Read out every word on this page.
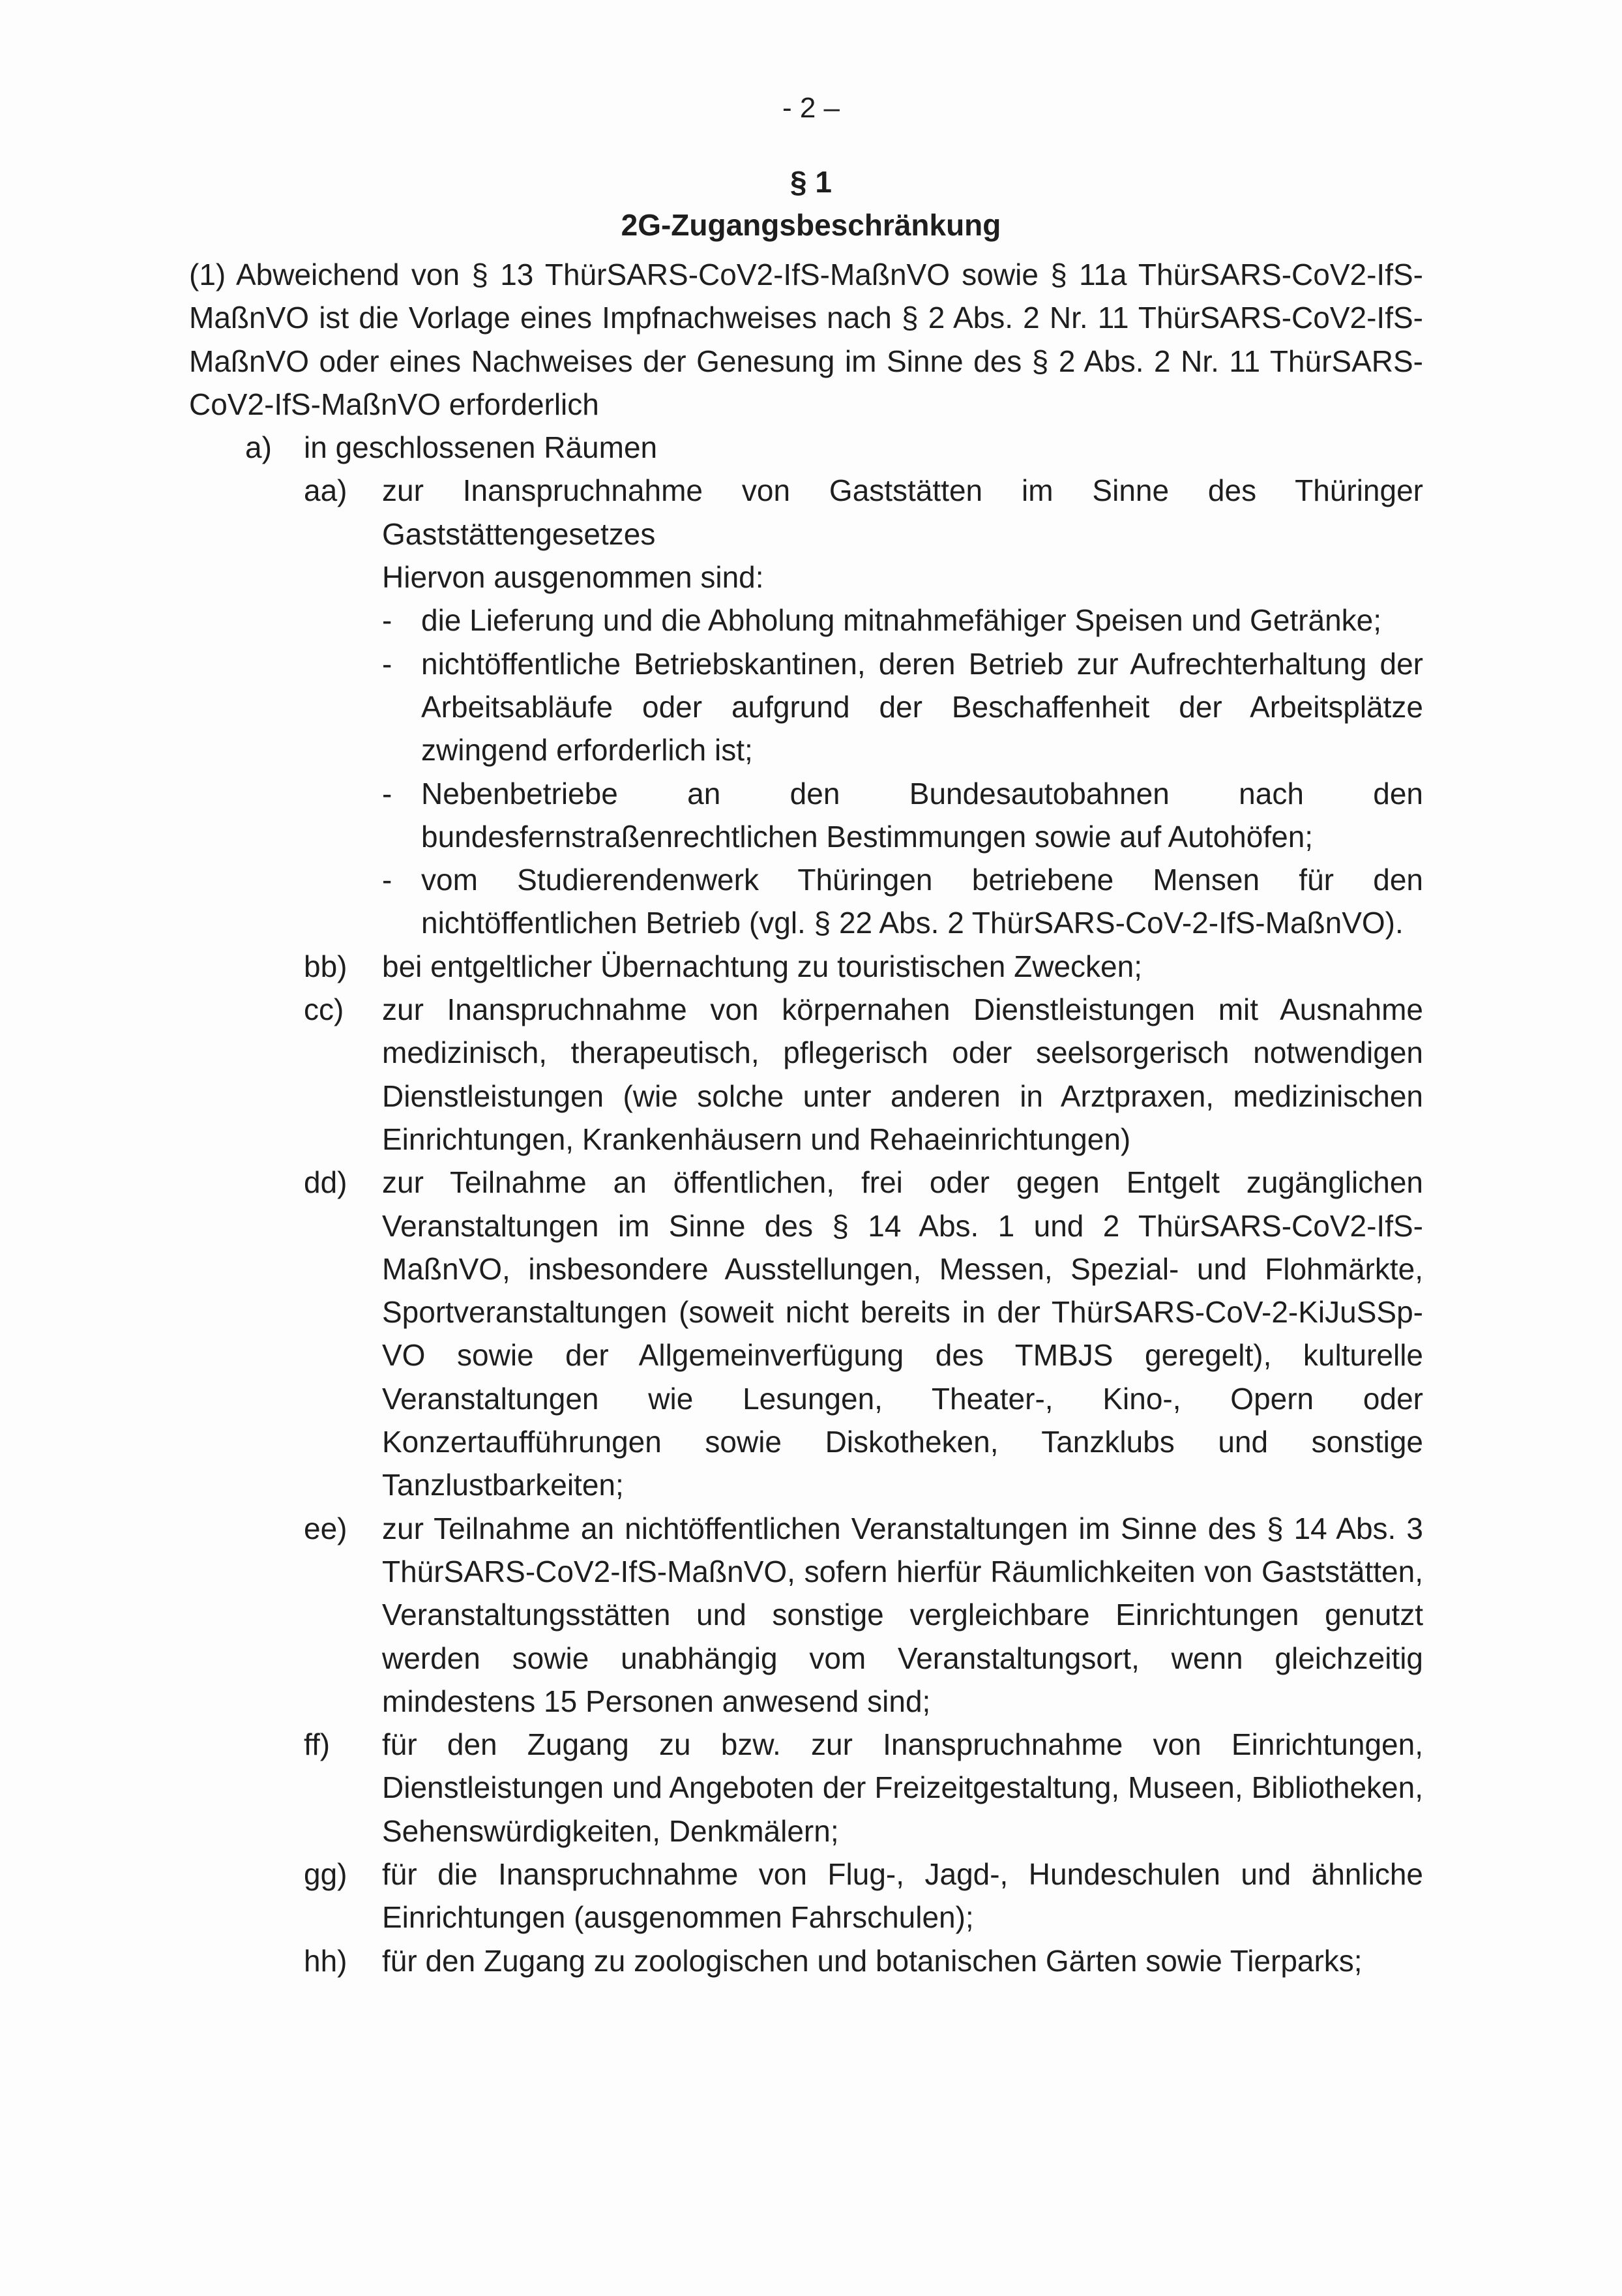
- 2 –
§ 1
2G-Zugangsbeschränkung

(1) Abweichend von § 13 ThürSARS-CoV2-IfS-MaßnVO sowie § 11a ThürSARS-CoV2-IfS-MaßnVO ist die Vorlage eines Impfnachweises nach § 2 Abs. 2 Nr. 11 ThürSARS-CoV2-IfS-MaßnVO oder eines Nachweises der Genesung im Sinne des § 2 Abs. 2 Nr. 11 ThürSARS-CoV2-IfS-MaßnVO erforderlich

a) in geschlossenen Räumen
aa) zur Inanspruchnahme von Gaststätten im Sinne des Thüringer Gaststättengesetzes
Hiervon ausgenommen sind:
- die Lieferung und die Abholung mitnahmefähiger Speisen und Getränke;
- nichtöffentliche Betriebskantinen, deren Betrieb zur Aufrechterhaltung der Arbeitsabläufe oder aufgrund der Beschaffenheit der Arbeitsplätze zwingend erforderlich ist;
- Nebenbetriebe an den Bundesautobahnen nach den bundesfernstraßenrechtlichen Bestimmungen sowie auf Autohöfen;
- vom Studierendenwerk Thüringen betriebene Mensen für den nichtöffentlichen Betrieb (vgl. § 22 Abs. 2 ThürSARS-CoV-2-IfS-MaßnVO).
bb) bei entgeltlicher Übernachtung zu touristischen Zwecken;
cc) zur Inanspruchnahme von körpernahen Dienstleistungen mit Ausnahme medizinisch, therapeutisch, pflegerisch oder seelsorgerisch notwendigen Dienstleistungen (wie solche unter anderen in Arztpraxen, medizinischen Einrichtungen, Krankenhäusern und Rehaeinrichtungen)
dd) zur Teilnahme an öffentlichen, frei oder gegen Entgelt zugänglichen Veranstaltungen im Sinne des § 14 Abs. 1 und 2 ThürSARS-CoV2-IfS-MaßnVO, insbesondere Ausstellungen, Messen, Spezial- und Flohmärkte, Sportveranstaltungen (soweit nicht bereits in der ThürSARS-CoV-2-KiJuSSp-VO sowie der Allgemeinverfügung des TMBJS geregelt), kulturelle Veranstaltungen wie Lesungen, Theater-, Kino-, Opern oder Konzertaufführungen sowie Diskotheken, Tanzklubs und sonstige Tanzlustbarkeiten;
ee) zur Teilnahme an nichtöffentlichen Veranstaltungen im Sinne des § 14 Abs. 3 ThürSARS-CoV2-IfS-MaßnVO, sofern hierfür Räumlichkeiten von Gaststätten, Veranstaltungsstätten und sonstige vergleichbare Einrichtungen genutzt werden sowie unabhängig vom Veranstaltungsort, wenn gleichzeitig mindestens 15 Personen anwesend sind;
ff) für den Zugang zu bzw. zur Inanspruchnahme von Einrichtungen, Dienstleistungen und Angeboten der Freizeitgestaltung, Museen, Bibliotheken, Sehenswürdigkeiten, Denkmälern;
gg) für die Inanspruchnahme von Flug-, Jagd-, Hundeschulen und ähnliche Einrichtungen (ausgenommen Fahrschulen);
hh) für den Zugang zu zoologischen und botanischen Gärten sowie Tierparks;
